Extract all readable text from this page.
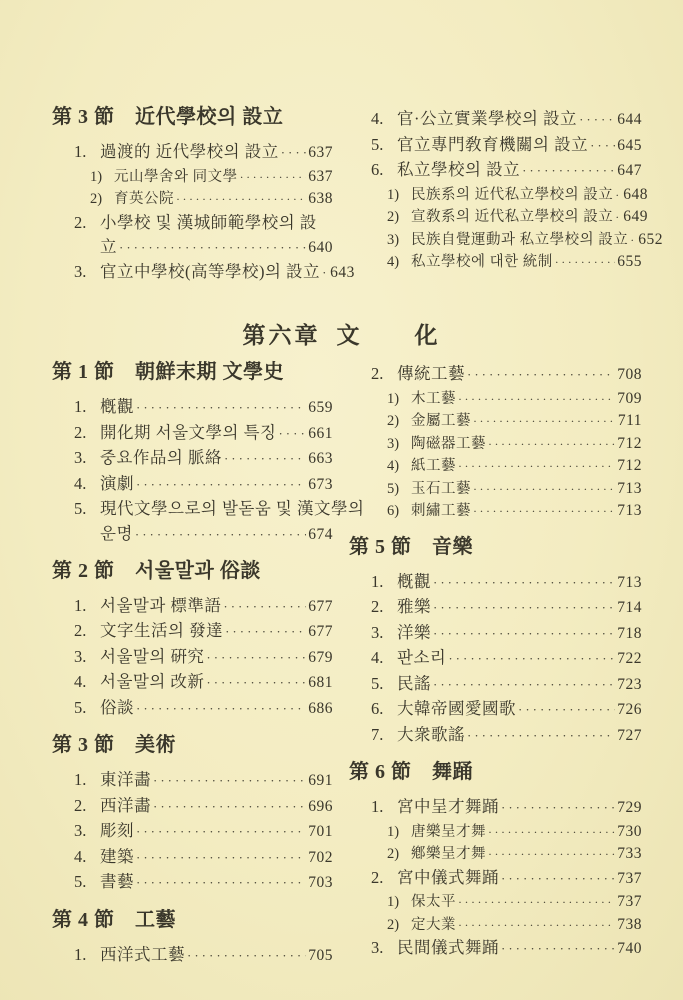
第 3 節　近代學校의 設立
1. 過渡的 近代學校의 設立 ····· 637
1) 元山學舍와 同文學 ·····	637
2) 育英公院 ·····	638
2. 小學校 및 漢城師範學校의 設
立 ·····	640
3. 官立中學校(高等學校)의 設立 ····· 643
4. 官·公立實業學校의 設立 ·····	644
5. 官立專門敎育機關의 設立 ····· 645
6. 私立學校의 設立 ·····	647
1) 民族系의 近代私立學校의 設立 ····· 648
2) 宣敎系의 近代私立學校의 設立 ····· 649
3) 民族自覺運動과 私立學校의 設立 ····· 652
4) 私立學校에 대한 統制 ·····	655
第六章 文　　化
第 1 節　朝鮮末期 文學史
1. 槪觀 ·····	659
2. 開化期 서울文學의 특징 ····· 661
3. 중요作品의 脈絡 ·····	663
4. 演劇 ·····	673
5. 現代文學으로의 발돋움 및 漢文學의
운명 ·····	674
第 2 節　서울말과 俗談
1. 서울말과 標準語 ·····	677
2. 文字生活의 發達 ·····	677
3. 서울말의 硏究 ·····	679
4. 서울말의 改新 ·····	681
5. 俗談 ·····	686
第 3 節　美術
1. 東洋畵 ·····	691
2. 西洋畵 ·····	696
3. 彫刻 ·····	701
4. 建築 ·····	702
5. 書藝 ·····	703
第 4 節　工藝
1. 西洋式工藝 ·····	705
2. 傳統工藝 ·····	708
1) 木工藝 ·····	709
2) 金屬工藝 ·····	711
3) 陶磁器工藝 ·····	712
4) 紙工藝 ·····	712
5) 玉石工藝 ·····	713
6) 刺繡工藝 ·····	713
第 5 節　音樂
1. 槪觀 ·····	713
2. 雅樂 ·····	714
3. 洋樂 ·····	718
4. 판소리 ·····	722
5. 民謠 ·····	723
6. 大韓帝國愛國歌 ·····	726
7. 大衆歌謠 ·····	727
第 6 節　舞踊
1. 宮中呈才舞踊 ·····	729
1) 唐樂呈才舞 ·····	730
2) 鄕樂呈才舞 ·····	733
2. 宮中儀式舞踊 ·····	737
1) 保太平 ·····	737
2) 定大業 ·····	738
3. 民間儀式舞踊 ·····	740
